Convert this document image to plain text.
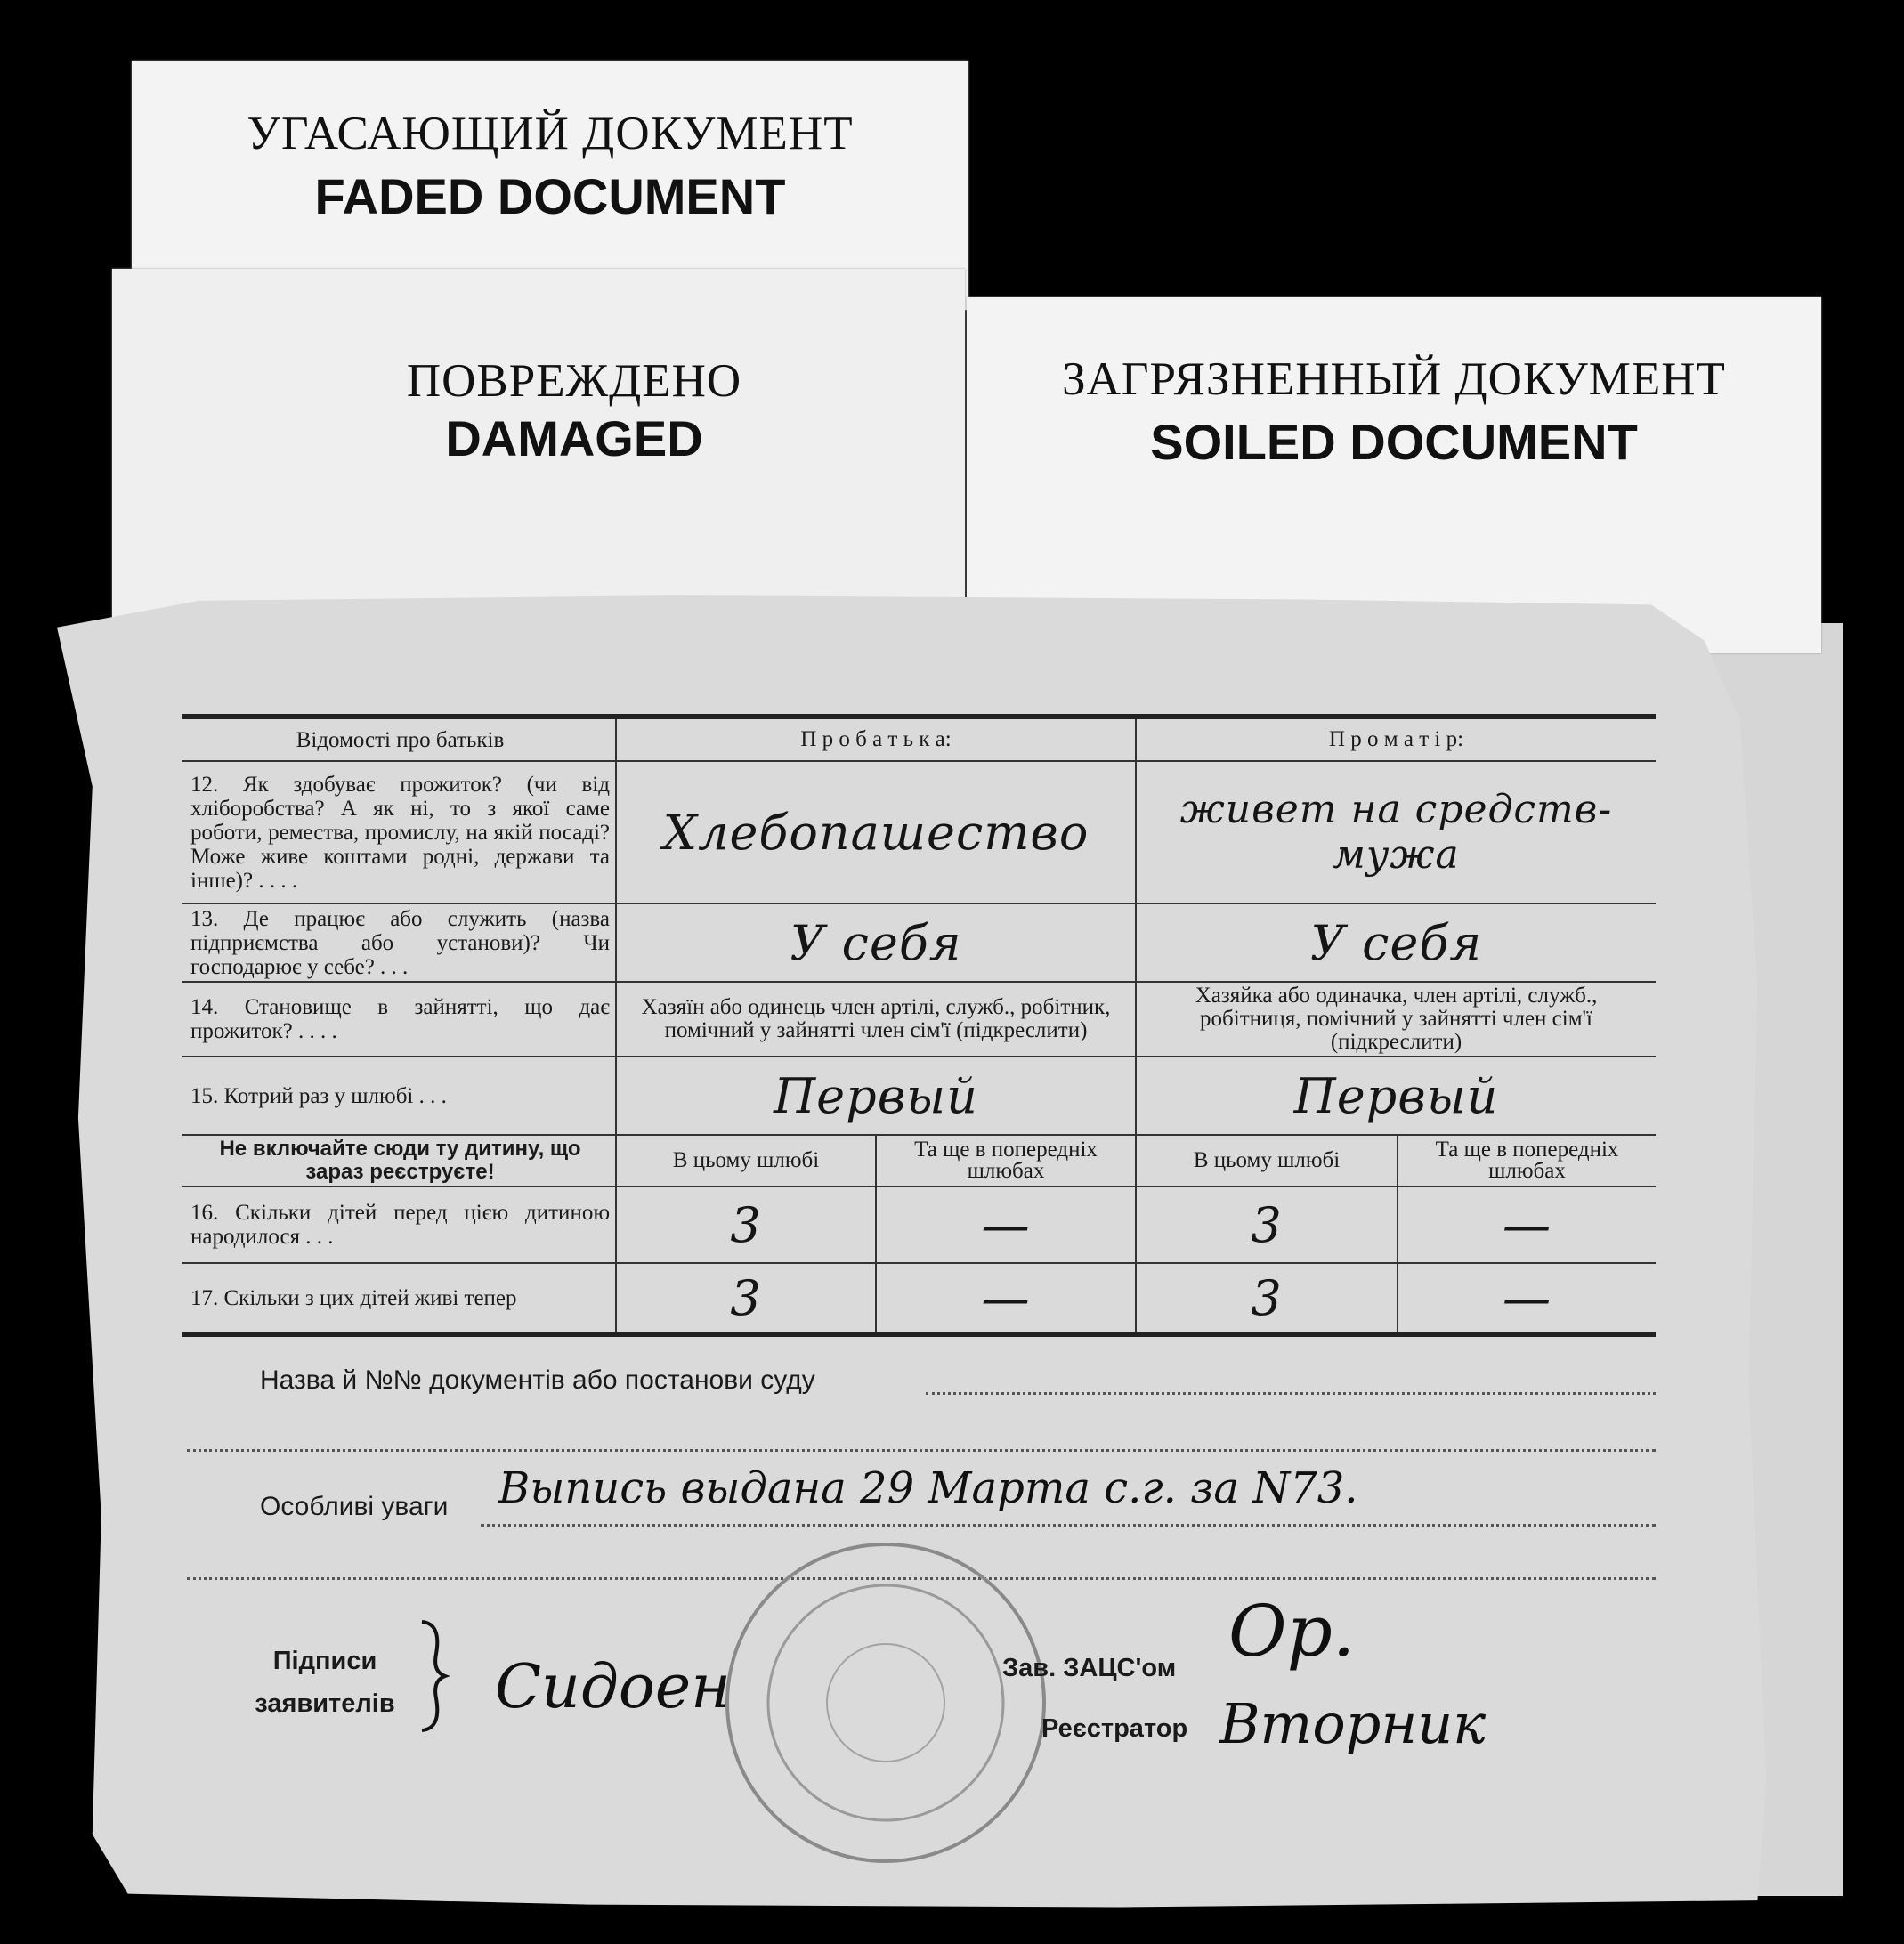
УГАСАЮЩИЙ ДОКУМЕНТ
FADED DOCUMENT
ПОВРЕЖДЕНО
DAMAGED
ЗАГРЯЗНЕННЫЙ ДОКУМЕНТ
SOILED DOCUMENT
Відомості про батьків	П р о б а т ь к а:		П р о м а т і р:	
12. Як здобуває прожиток? (чи від хліборобства? А як ні, то з якої саме роботи, ремества, промислу, на якій посаді? Може живе коштами родні, держави та інше)? . . . .	Хлебопашество		живет на средств-
мужа	

13. Де працює або служить (назва підприємства або установи)? Чи господарює у себе? . . .	У себя		У себя	
14. Становище в зайнятті, що дає прожиток? . . . .	Хазяїн або одинець член артілі, служб., робітник, помічний у зайнятті член сім'ї (підкреслити)		Хазяйка або одиначка, член артілі, служб., робітниця, помічний у зайнятті член сім'ї (підкреслити)	
15. Котрий раз у шлюбі . . .	Первый		Первый	
Не включайте сюди ту дитину, що зараз реєструєте!	В цьому шлюбі	Та ще в попередніх шлюбах	В цьому шлюбі	Та ще в попередніх шлюбах
16. Скільки дітей перед цією дитиною народилося . . .	3	—	3	—
17. Скільки з цих дітей живі тепер	3	—	3	—
Назва й №№ документів або постанови суду
Особливі уваги Выпись выдана 29 Марта с.г. за N73.
Підписи
заявителів Сидоен	Зав. ЗАЦС'ом Ор.
Реєстратор Вторник
